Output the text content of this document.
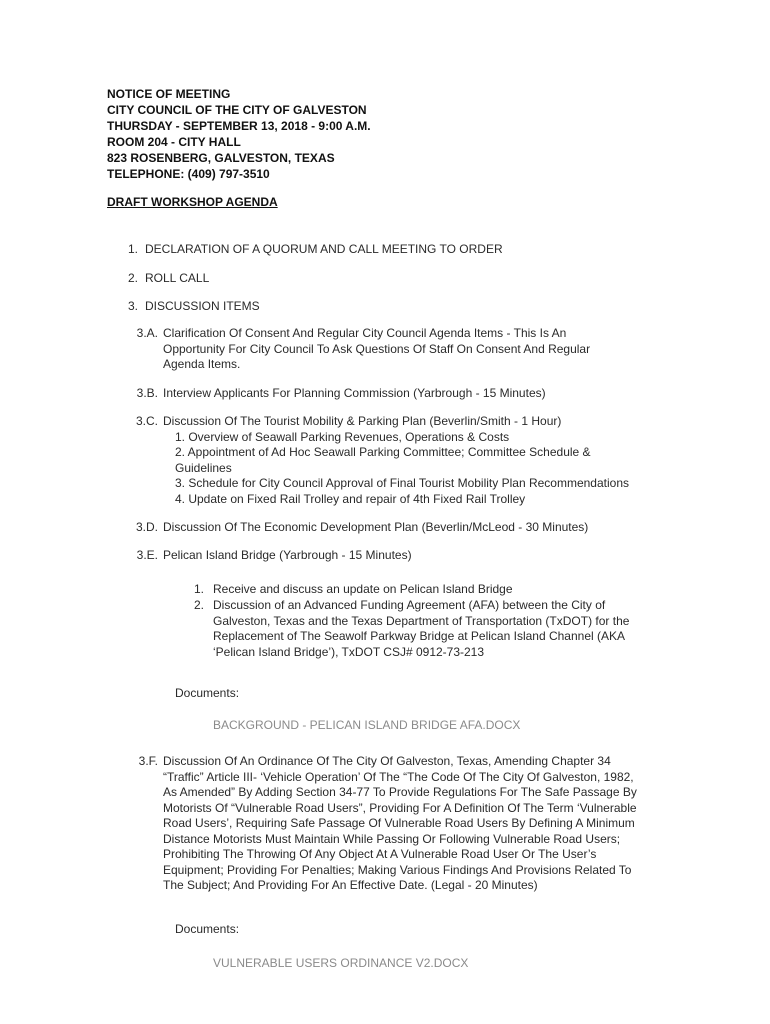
NOTICE OF MEETING
CITY COUNCIL OF THE CITY OF GALVESTON
THURSDAY - SEPTEMBER 13, 2018 - 9:00 A.M.
ROOM 204 - CITY HALL
823 ROSENBERG, GALVESTON, TEXAS
TELEPHONE: (409) 797-3510
DRAFT WORKSHOP AGENDA
1. DECLARATION OF A QUORUM AND CALL MEETING TO ORDER
2. ROLL CALL
3. DISCUSSION ITEMS
3.A. Clarification Of Consent And Regular City Council Agenda Items - This Is An Opportunity For City Council To Ask Questions Of Staff On Consent And Regular Agenda Items.
3.B. Interview Applicants For Planning Commission (Yarbrough - 15 Minutes)
3.C. Discussion Of The Tourist Mobility & Parking Plan (Beverlin/Smith - 1 Hour)
1. Overview of Seawall Parking Revenues, Operations & Costs
2. Appointment of Ad Hoc Seawall Parking Committee; Committee Schedule & Guidelines
3. Schedule for City Council Approval of Final Tourist Mobility Plan Recommendations
4. Update on Fixed Rail Trolley and repair of 4th Fixed Rail Trolley
3.D. Discussion Of The Economic Development Plan (Beverlin/McLeod - 30 Minutes)
3.E. Pelican Island Bridge (Yarbrough - 15 Minutes)
1. Receive and discuss an update on Pelican Island Bridge
2. Discussion of an Advanced Funding Agreement (AFA) between the City of Galveston, Texas and the Texas Department of Transportation (TxDOT) for the Replacement of The Seawolf Parkway Bridge at Pelican Island Channel (AKA ‘Pelican Island Bridge’), TxDOT CSJ# 0912-73-213
Documents:
BACKGROUND - PELICAN ISLAND BRIDGE AFA.DOCX
3.F. Discussion Of An Ordinance Of The City Of Galveston, Texas, Amending Chapter 34 “Traffic” Article III- ‘Vehicle Operation’ Of The “The Code Of The City Of Galveston, 1982, As Amended” By Adding Section 34-77 To Provide Regulations For The Safe Passage By Motorists Of “Vulnerable Road Users”, Providing For A Definition Of The Term ‘Vulnerable Road Users’, Requiring Safe Passage Of Vulnerable Road Users By Defining A Minimum Distance Motorists Must Maintain While Passing Or Following Vulnerable Road Users; Prohibiting The Throwing Of Any Object At A Vulnerable Road User Or The User’s Equipment; Providing For Penalties; Making Various Findings And Provisions Related To The Subject; And Providing For An Effective Date. (Legal - 20 Minutes)
Documents:
VULNERABLE USERS ORDINANCE V2.DOCX
